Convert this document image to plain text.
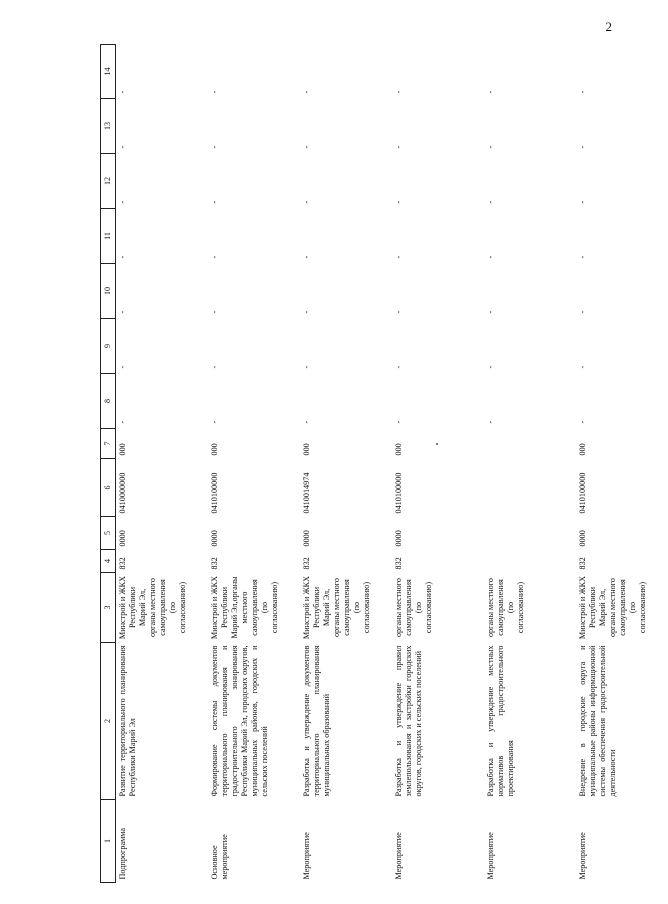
2
1	2	3	4	5	6	7	8	9	10	11	12	13	14
Подпрограмма	Развитие территориального планирования Республики Марий Эл	Минстрой и ЖКХ Республики Марий Эл, органы местного самоуправления (по согласованию)	832	0000	0410000000	000	-	-	-	-	-	-	-

Основное мероприятие	Формирование системы документов территориального планирования и градостроительного зонирования Республики Марий Эл, городских округов, муниципальных районов, городских и сельских поселений	Минстрой и ЖКХ Республики Марий Эл,органы местного самоуправления (по согласованию)	832	0000	0410100000	000	-	-	-	-	-	-	-

Мероприятие	Разработка и утверждение документов территориального планирования муниципальных образований	Минстрой и ЖКХ Республики Марий Эл, органы местного самоуправления (по согласованию)	832	0000	0410014974	000	-	-	-	-	-	-	-

Мероприятие	Разработка и утверждение правил землепользования и застройки городских округов, городских и сельских поселений	органы местного самоуправления (по согласованию)	832	0000	0410100000	000	-	-	-	-	-	-	-

Мероприятие	Разработка и утверждение местных нормативов градостроительного проектирования	органы местного самоуправления (по согласованию)					-	-	-	-	-	-	-

Мероприятие	Внедрение в городские округа и муниципальные районы информационной системы обеспечения градостроительной деятельности	Минстрой и ЖКХ Республики Марий Эл, органы местного самоуправления (по согласованию)	832	0000	0410100000	000	-	-	-	-	-	-	-
